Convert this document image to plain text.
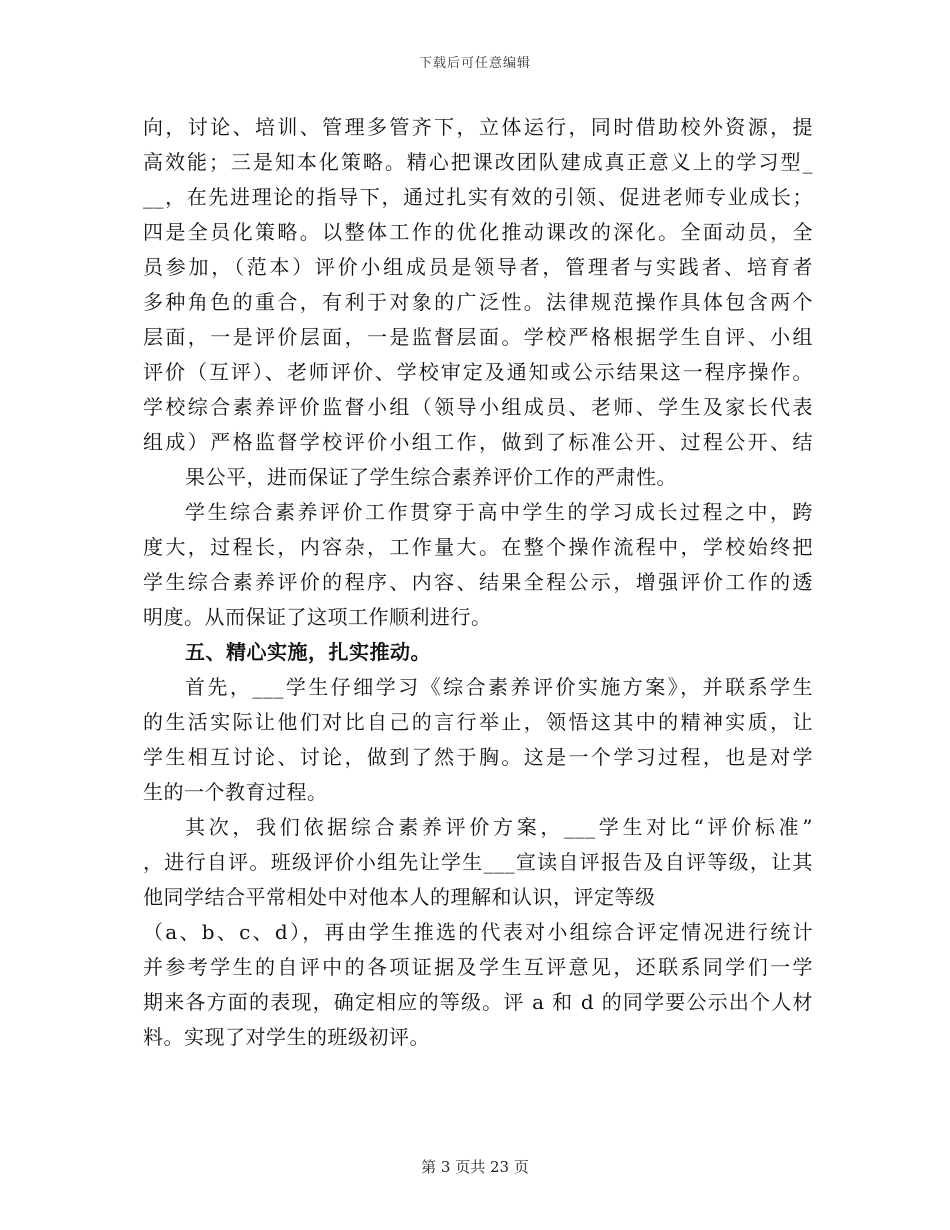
下载后可任意编辑
向，讨论、培训、管理多管齐下，立体运行，同时借助校外资源，提
高效能；三是知本化策略。精心把课改团队建成真正意义上的学习型_
__，在先进理论的指导下，通过扎实有效的引领、促进老师专业成长；
四是全员化策略。以整体工作的优化推动课改的深化。全面动员，全
员参加，（范本）评价小组成员是领导者，管理者与实践者、培育者
多种角色的重合，有利于对象的广泛性。法律规范操作具体包含两个
层面，一是评价层面，一是监督层面。学校严格根据学生自评、小组
评价（互评）、老师评价、学校审定及通知或公示结果这一程序操作。
学校综合素养评价监督小组（领导小组成员、老师、学生及家长代表
组成）严格监督学校评价小组工作，做到了标准公开、过程公开、结
果公平，进而保证了学生综合素养评价工作的严肃性。
学生综合素养评价工作贯穿于高中学生的学习成长过程之中，跨
度大，过程长，内容杂，工作量大。在整个操作流程中，学校始终把
学生综合素养评价的程序、内容、结果全程公示，增强评价工作的透
明度。从而保证了这项工作顺利进行。
五、精心实施，扎实推动。
首先，___学生仔细学习《综合素养评价实施方案》，并联系学生
的生活实际让他们对比自己的言行举止，领悟这其中的精神实质，让
学生相互讨论、讨论，做到了然于胸。这是一个学习过程，也是对学
生的一个教育过程。
其次，我们依据综合素养评价方案，___学生对比“评价标准”
，进行自评。班级评价小组先让学生___宣读自评报告及自评等级，让其
他同学结合平常相处中对他本人的理解和认识，评定等级
（a、b、c、d），再由学生推选的代表对小组综合评定情况进行统计
并参考学生的自评中的各项证据及学生互评意见，还联系同学们一学
期来各方面的表现，确定相应的等级。评 a 和 d 的同学要公示出个人材
料。实现了对学生的班级初评。
第 3 页共 23 页
